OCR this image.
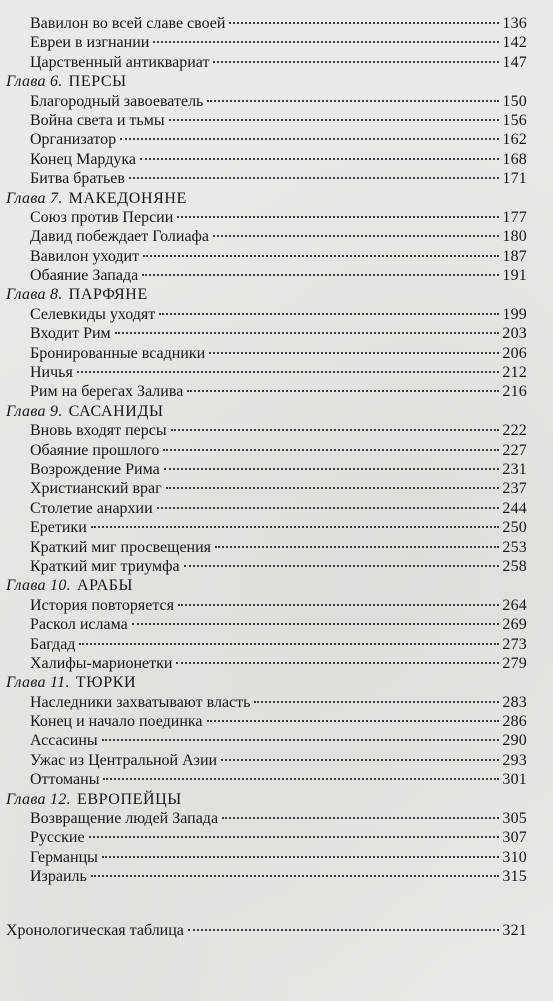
Вавилон во всей славе своей	136
Евреи в изгнании	142
Царственный антиквариат	147
Глава 6. ПЕРСЫ
Благородный завоеватель	150
Война света и тьмы	156
Организатор	162
Конец Мардука	168
Битва братьев	171
Глава 7. МАКЕДОНЯНЕ
Союз против Персии	177
Давид побеждает Голиафа	180
Вавилон уходит	187
Обаяние Запада	191
Глава 8. ПАРФЯНЕ
Селевкиды уходят	199
Входит Рим	203
Бронированные всадники	206
Ничья	212
Рим на берегах Залива	216
Глава 9. САСАНИДЫ
Вновь входят персы	222
Обаяние прошлого	227
Возрождение Рима	231
Христианский враг	237
Столетие анархии	244
Еретики	250
Краткий миг просвещения	253
Краткий миг триумфа	258
Глава 10. АРАБЫ
История повторяется	264
Раскол ислама	269
Багдад	273
Халифы-марионетки	279
Глава 11. ТЮРКИ
Наследники захватывают власть	283
Конец и начало поединка	286
Ассасины	290
Ужас из Центральной Азии	293
Оттоманы	301
Глава 12. ЕВРОПЕЙЦЫ
Возвращение людей Запада	305
Русские	307
Германцы	310
Израиль	315
Хронологическая таблица	321
